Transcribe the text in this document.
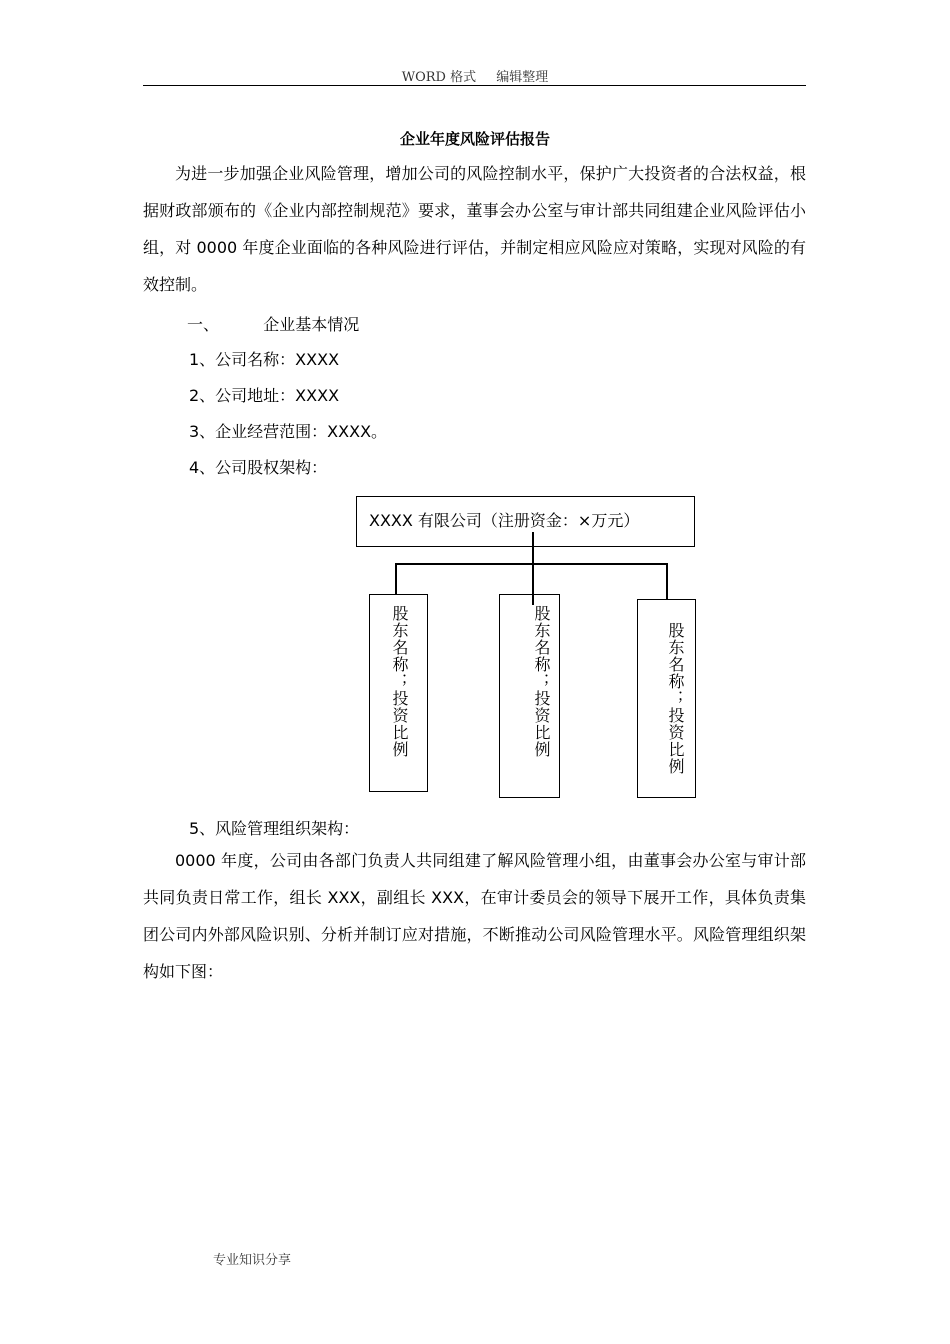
WORD 格式 编辑整理
企业年度风险评估报告

为进一步加强企业风险管理，增加公司的风险控制水平，保护广大投资者的合法权益，根据财政部颁布的《企业内部控制规范》要求，董事会办公室与审计部共同组建企业风险评估小组，对 0000 年度企业面临的各种风险进行评估，并制定相应风险应对策略，实现对风险的有效控制。

一、	企业基本情况
1、公司名称：XXXX
2、公司地址：XXXX
3、企业经营范围：XXXX。
4、公司股权架构：
XXXX 有限公司（注册资金：×万元）
股东名称；投资比例	股东名称；投资比例	股东名称；投资比例
5、风险管理组织架构：

0000 年度，公司由各部门负责人共同组建了解风险管理小组，由董事会办公室与审计部共同负责日常工作，组长 XXX，副组长 XXX，在审计委员会的领导下展开工作，具体负责集团公司内外部风险识别、分析并制订应对措施，不断推动公司风险管理水平。风险管理组织架构如下图：

专业知识分享
